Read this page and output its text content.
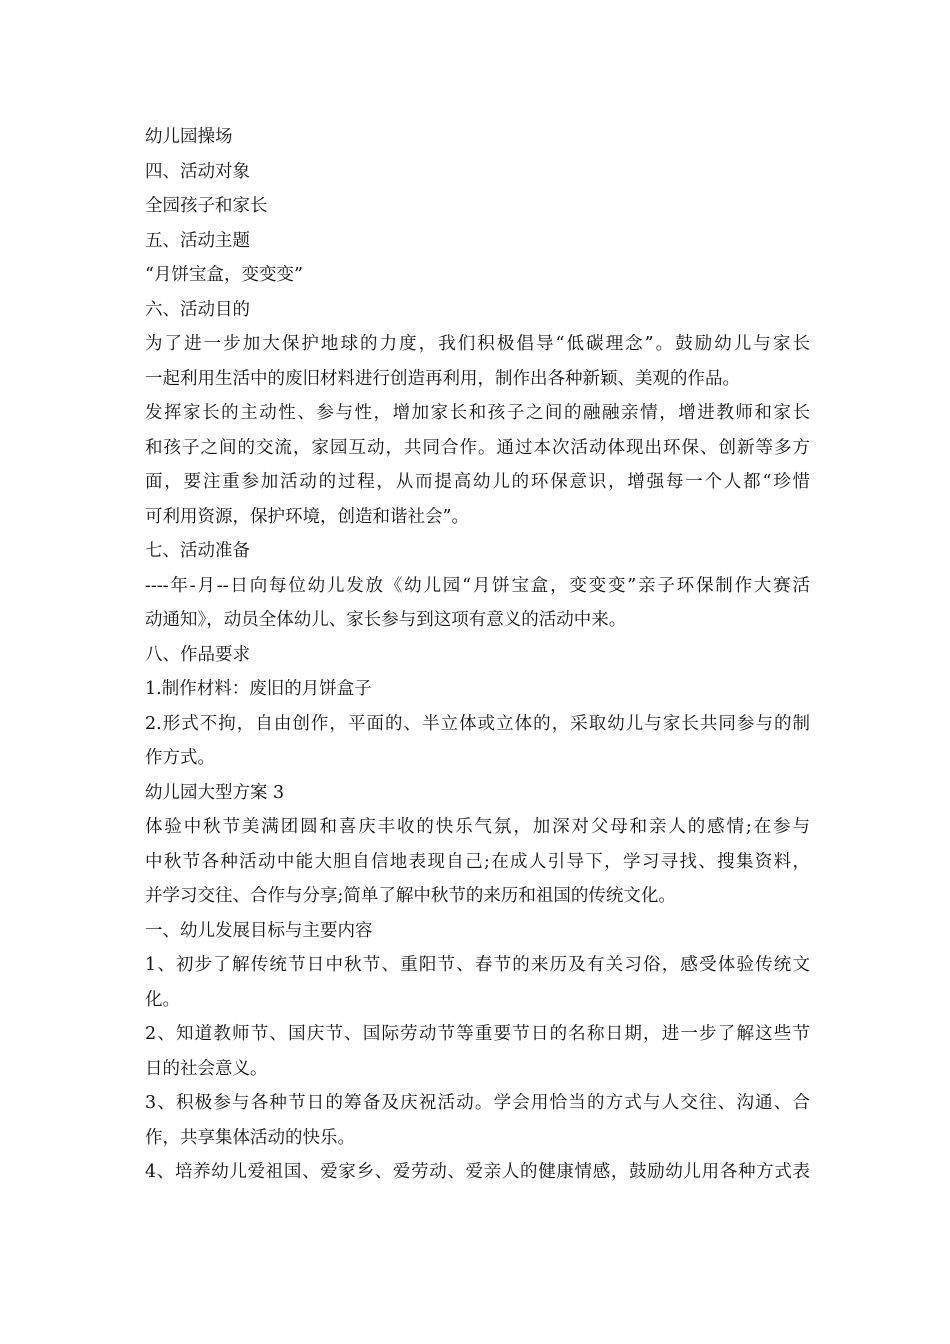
幼儿园操场
四、活动对象
全园孩子和家长
五、活动主题
“月饼宝盒，变变变”
六、活动目的
为了进一步加大保护地球的力度，我们积极倡导“低碳理念”。鼓励幼儿与家长
一起利用生活中的废旧材料进行创造再利用，制作出各种新颖、美观的作品。
发挥家长的主动性、参与性，增加家长和孩子之间的融融亲情，增进教师和家长
和孩子之间的交流，家园互动，共同合作。通过本次活动体现出环保、创新等多方
面，要注重参加活动的过程，从而提高幼儿的环保意识，增强每一个人都“珍惜
可利用资源，保护环境，创造和谐社会”。
七、活动准备
----年-月--日向每位幼儿发放《幼儿园“月饼宝盒，变变变”亲子环保制作大赛活
动通知》，动员全体幼儿、家长参与到这项有意义的活动中来。
八、作品要求
1.制作材料：废旧的月饼盒子
2.形式不拘，自由创作，平面的、半立体或立体的，采取幼儿与家长共同参与的制
作方式。
幼儿园大型方案 3
体验中秋节美满团圆和喜庆丰收的快乐气氛，加深对父母和亲人的感情;在参与
中秋节各种活动中能大胆自信地表现自己;在成人引导下，学习寻找、搜集资料，
并学习交往、合作与分享;简单了解中秋节的来历和祖国的传统文化。
一、幼儿发展目标与主要内容
1、初步了解传统节日中秋节、重阳节、春节的来历及有关习俗，感受体验传统文
化。
2、知道教师节、国庆节、国际劳动节等重要节日的名称日期，进一步了解这些节
日的社会意义。
3、积极参与各种节日的筹备及庆祝活动。学会用恰当的方式与人交往、沟通、合
作，共享集体活动的快乐。
4、培养幼儿爱祖国、爱家乡、爱劳动、爱亲人的健康情感，鼓励幼儿用各种方式表
